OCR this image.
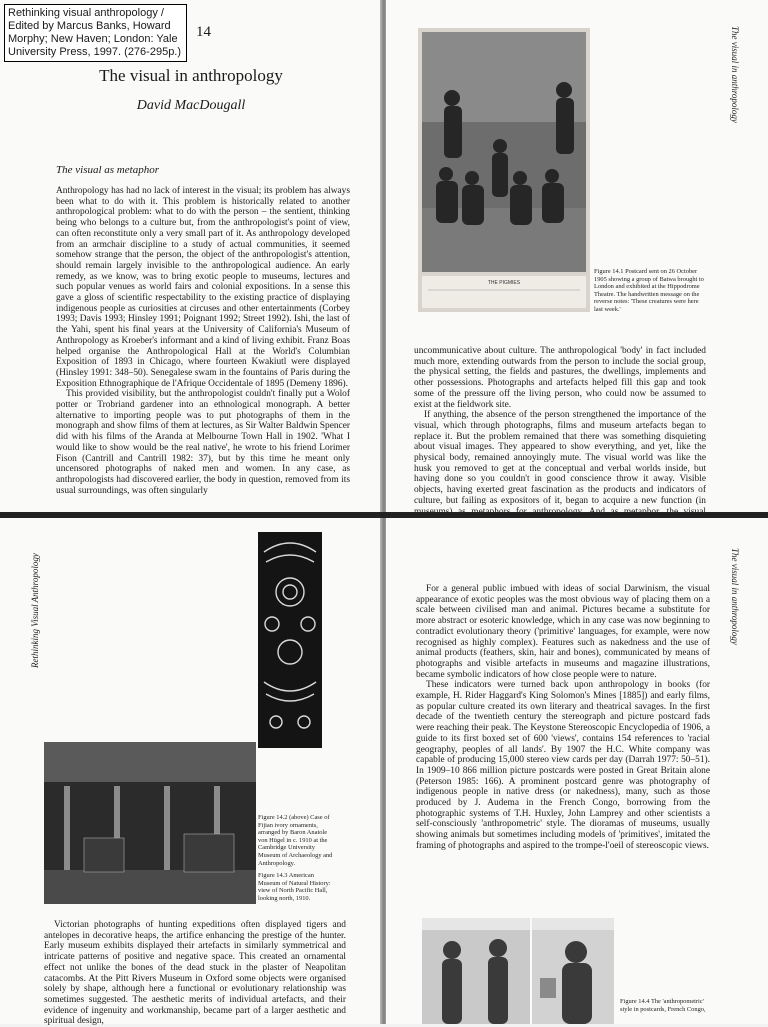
Rethinking visual anthropology / Edited by Marcus Banks, Howard Morphy; New Haven; London: Yale University Press, 1997. (276-295p.)
14
The visual in anthropology
David MacDougall
The visual as metaphor

Anthropology has had no lack of interest in the visual; its problem has always been what to do with it. This problem is historically related to another anthropological problem: what to do with the person – the sentient, thinking being who belongs to a culture but, from the anthropologist's point of view, can often reconstitute only a very small part of it. As anthropology developed from an armchair discipline to a study of actual communities, it seemed somehow strange that the person, the object of the anthropologist's attention, should remain largely invisible to the anthropological audience. An early remedy, as we know, was to bring exotic people to museums, lectures and such popular venues as world fairs and colonial expositions. In a sense this gave a gloss of scientific respectability to the existing practice of displaying indigenous people as curiosities at circuses and other entertainments (Corbey 1993; Davis 1993; Hinsley 1991; Poignant 1992; Street 1992). Ishi, the last of the Yahi, spent his final years at the University of California's Museum of Anthropology as Kroeber's informant and a kind of living exhibit. Franz Boas helped organise the Anthropological Hall at the World's Columbian Exposition of 1893 in Chicago, where fourteen Kwakiutl were displayed (Hinsley 1991: 348–50). Senegalese swam in the fountains of Paris during the Exposition Ethnographique de l'Afrique Occidentale of 1895 (Demeny 1896).

This provided visibility, but the anthropologist couldn't finally put a Wolof potter or Trobriand gardener into an ethnological monograph. A better alternative to importing people was to put photographs of them in the monograph and show films of them at lectures, as Sir Walter Baldwin Spencer did with his films of the Aranda at Melbourne Town Hall in 1902. 'What I would like to show would be the real native', he wrote to his friend Lorimer Fison (Cantrill and Cantrill 1982: 37), but by this time he meant only uncensored photographs of naked men and women. In any case, as anthropologists had discovered earlier, the body in question, removed from its usual surroundings, was often singularly

The visual in anthropology
THE PIGMIES
Figure 14.1 Postcard sent on 26 October 1905 showing a group of Batwa brought to London and exhibited at the Hippodrome Theatre. The handwritten message on the reverse notes: 'These creatures were here last week.'

uncommunicative about culture. The anthropological 'body' in fact included much more, extending outwards from the person to include the social group, the physical setting, the fields and pastures, the dwellings, implements and other possessions. Photographs and artefacts helped fill this gap and took some of the pressure off the living person, who could now be assumed to exist at the fieldwork site.

If anything, the absence of the person strengthened the importance of the visual, which through photographs, films and museum artefacts began to replace it. But the problem remained that there was something disquieting about visual images. They appeared to show everything, and yet, like the physical body, remained annoyingly mute. The visual world was like the husk you removed to get at the conceptual and verbal worlds inside, but having done so you couldn't in good conscience throw it away. Visible objects, having exerted great fascination as the products and indicators of culture, but failing as expositors of it, began to acquire a new function (in

Rethinking Visual Anthropology
Figure 14.2 (above) Case of Fijian ivory ornaments, arranged by Baron Anatole von Hügel in c. 1910 at the Cambridge University Museum of Archaeology and Anthropology.
Figure 14.3 American Museum of Natural History: view of North Pacific Hall, looking north, 1910.

Victorian photographs of hunting expeditions often displayed tigers and antelopes in decorative heaps, the artifice enhancing the prestige of the hunter. Early museum exhibits displayed their artefacts in similarly symmetrical and intricate patterns of positive and negative space. This created an ornamental effect not unlike the bones of the dead stuck in the plaster of Neapolitan catacombs. At the Pitt Rivers Museum in Oxford some objects were organised solely by shape, although here a functional or evolutionary relationship was sometimes suggested. The aesthetic merits of individual artefacts, and their evidence of ingenuity and workmanship, became part of a larger aesthetic and spiritual design,

The visual in anthropology

For a general public imbued with ideas of social Darwinism, the visual appearance of exotic peoples was the most obvious way of placing them on a scale between civilised man and animal. Pictures became a substitute for more abstract or esoteric knowledge, which in any case was now beginning to contradict evolutionary theory ('primitive' languages, for example, were now recognised as highly complex). Features such as nakedness and the use of animal products (feathers, skin, hair and bones), communicated by means of photographs and visible artefacts in museums and magazine illustrations, became symbolic indicators of how close people were to nature.

These indicators were turned back upon anthropology in books (for example, H. Rider Haggard's King Solomon's Mines [1885]) and early films, as popular culture created its own literary and theatrical savages. In the first decade of the twentieth century the stereograph and picture postcard fads were reaching their peak. The Keystone Stereoscopic Encyclopedia of 1906, a guide to its first boxed set of 600 'views', contains 154 references to 'racial geography, peoples of all lands'. By 1907 the H.C. White company was capable of producing 15,000 stereo view cards per day (Darrah 1977: 50–51). In 1909–10 866 million picture postcards were posted in Great Britain alone (Peterson 1985: 166). A prominent postcard genre was photography of indigenous people in native dress (or nakedness), many, such as those produced by J. Audema in the French Congo, borrowing from the photographic systems of T.H. Huxley, John Lamprey and other scientists a self-consciously 'anthropometric' style. The dioramas of museums, usually showing animals but sometimes including models of 'primitives', imitated the framing of photographs and aspired to the trompe-l'oeil of stereoscopic views.

Figure 14.4 The 'anthropometric' style in postcards, French Congo,
